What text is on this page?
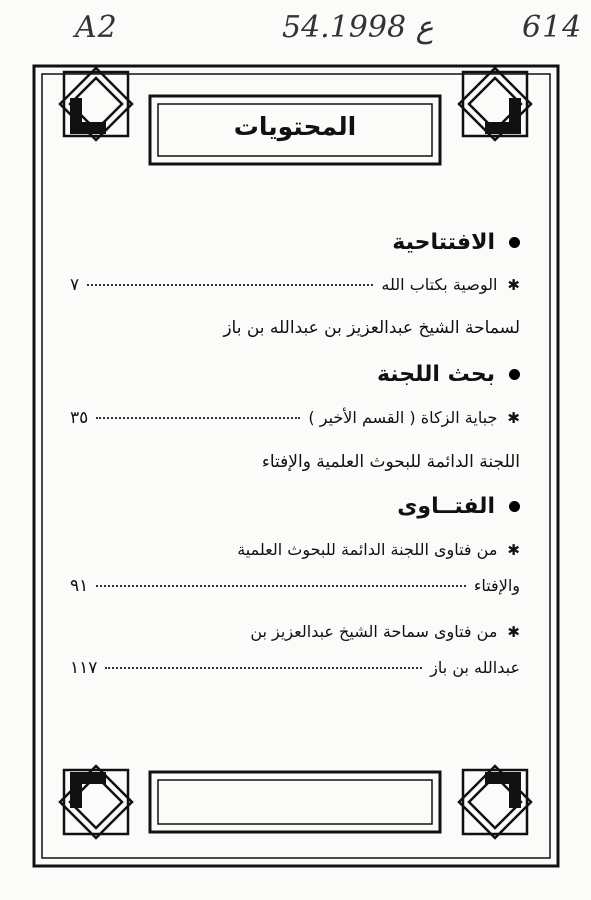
A2	54.ع 1998	614
المحتويات
الافتتاحية
✱
الوصية بكتاب الله
٧
لسماحة الشيخ عبدالعزيز بن عبدالله بن باز
بحث اللجنة
✱
جباية الزكاة ( القسم الأخير )
٣٥
اللجنة الدائمة للبحوث العلمية والإفتاء
الفتــاوى
✱
من فتاوى اللجنة الدائمة للبحوث العلمية
والإفتاء
٩١
✱
من فتاوى سماحة الشيخ عبدالعزيز بن
عبدالله بن باز
١١٧
